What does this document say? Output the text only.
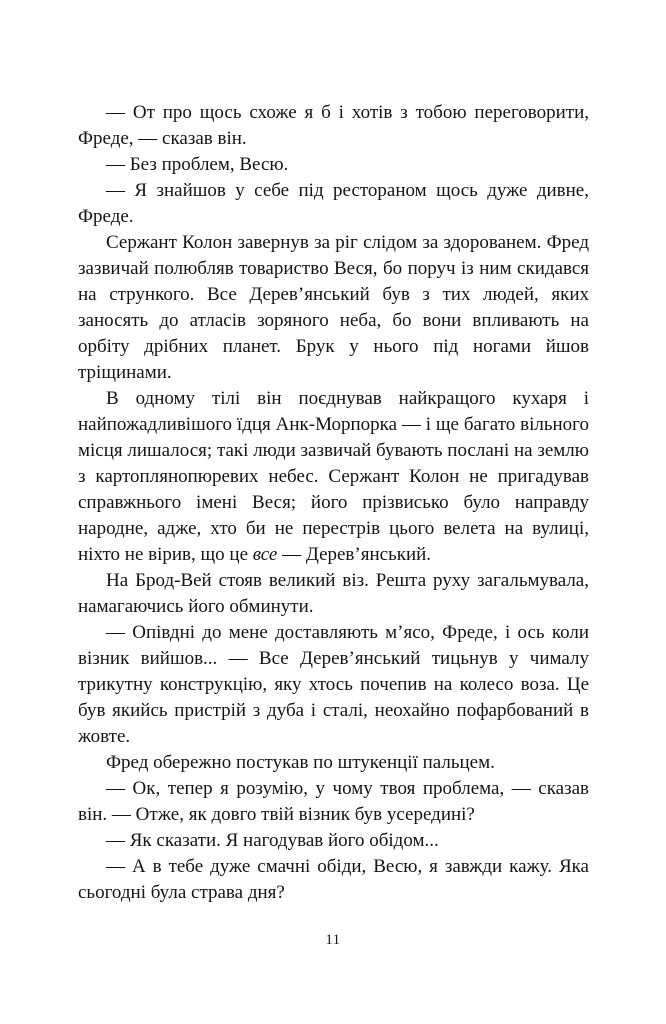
— От про щось схоже я б і хотів з тобою переговорити, Фреде, — сказав він.

— Без проблем, Весю.

— Я знайшов у себе під рестораном щось дуже дивне, Фреде.

Сержант Колон завернув за ріг слідом за здорованем. Фред зазвичай полюбляв товариство Веся, бо поруч із ним скидався на стрункого. Все Дерев’янський був з тих людей, яких заносять до атласів зоряного неба, бо вони впливають на орбіту дрібних планет. Брук у нього під ногами йшов тріщинами.

В одному тілі він поєднував найкращого кухаря і найпожадливішого їдця Анк-Морпорка — і ще багато вільного місця лишалося; такі люди зазвичай бувають послані на землю з картоплянопюревих небес. Сержант Колон не пригадував справжнього імені Веся; його прізвисько було направду народне, адже, хто би не перестрів цього велета на вулиці, ніхто не вірив, що це все — Дерев’янський.

На Брод-Вей стояв великий віз. Решта руху загальмувала, намагаючись його обминути.

— Опівдні до мене доставляють м’ясо, Фреде, і ось коли візник вийшов... — Все Дерев’янський тицьнув у чималу трикутну конструкцію, яку хтось почепив на колесо воза. Це був якийсь пристрій з дуба і сталі, неохайно пофарбований в жовте.

Фред обережно постукав по штукенції пальцем.

— Ок, тепер я розумію, у чому твоя проблема, — сказав він. — Отже, як довго твій візник був усередині?

— Як сказати. Я нагодував його обідом...

— А в тебе дуже смачні обіди, Весю, я завжди кажу. Яка сьогодні була страва дня?

11
